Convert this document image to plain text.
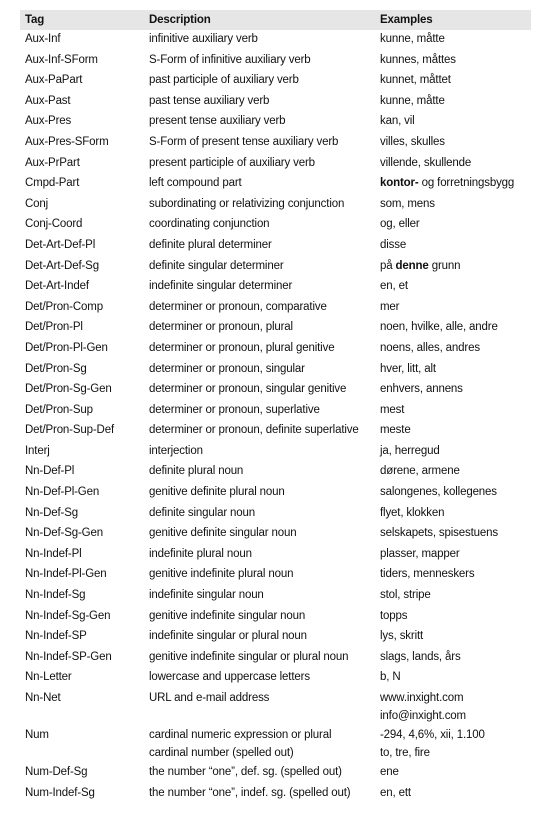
Tag	Description	Examples
Aux-Inf	infinitive auxiliary verb	kunne, måtte

Aux-Inf-SForm	S-Form of infinitive auxiliary verb	kunnes, måttes

Aux-PaPart	past participle of auxiliary verb	kunnet, måttet

Aux-Past	past tense auxiliary verb	kunne, måtte

Aux-Pres	present tense auxiliary verb	kan, vil

Aux-Pres-SForm	S-Form of present tense auxiliary verb	villes, skulles

Aux-PrPart	present participle of auxiliary verb	villende, skullende

Cmpd-Part	left compound part	kontor- og forretningsbygg
Conj	subordinating or relativizing conjunction	som, mens

Conj-Coord	coordinating conjunction	og, eller

Det-Art-Def-Pl	definite plural determiner	disse

Det-Art-Def-Sg	definite singular determiner	på denne grunn
Det-Art-Indef	indefinite singular determiner	en, et

Det/Pron-Comp	determiner or pronoun, comparative	mer

Det/Pron-Pl	determiner or pronoun, plural	noen, hvilke, alle, andre

Det/Pron-Pl-Gen	determiner or pronoun, plural genitive	noens, alles, andres

Det/Pron-Sg	determiner or pronoun, singular	hver, litt, alt

Det/Pron-Sg-Gen	determiner or pronoun, singular genitive	enhvers, annens

Det/Pron-Sup	determiner or pronoun, superlative	mest

Det/Pron-Sup-Def	determiner or pronoun, definite superlative	meste

Interj	interjection	ja, herregud

Nn-Def-Pl	definite plural noun	dørene, armene

Nn-Def-Pl-Gen	genitive definite plural noun	salongenes, kollegenes

Nn-Def-Sg	definite singular noun	flyet, klokken

Nn-Def-Sg-Gen	genitive definite singular noun	selskapets, spisestuens

Nn-Indef-Pl	indefinite plural noun	plasser, mapper

Nn-Indef-Pl-Gen	genitive indefinite plural noun	tiders, menneskers

Nn-Indef-Sg	indefinite singular noun	stol, stripe

Nn-Indef-Sg-Gen	genitive indefinite singular noun	topps

Nn-Indef-SP	indefinite singular or plural noun	lys, skritt

Nn-Indef-SP-Gen	genitive indefinite singular or plural noun	slags, lands, års

Nn-Letter	lowercase and uppercase letters	b, N

Nn-Net	URL and e-mail address	www.inxight.com
info@inxight.com

Num	cardinal numeric expression or plural
cardinal number (spelled out)	-294, 4,6%, xii, 1.100
to, tre, fire

Num-Def-Sg	the number “one”, def. sg. (spelled out)	ene

Num-Indef-Sg	the number “one”, indef. sg. (spelled out)	en, ett
